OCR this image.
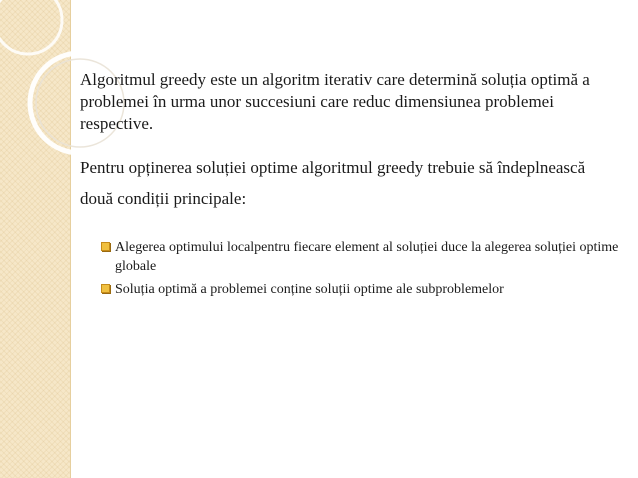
Algoritmul greedy este un algoritm iterativ care determină soluția optimă a problemei în urma unor succesiuni care reduc dimensiunea problemei respective.

Pentru opținerea soluției optime algoritmul greedy trebuie să îndeplnească două condiții principale:

Alegerea optimului localpentru fiecare element al soluției duce la alegerea soluției optime globale
Soluția optimă a problemei conține soluții optime ale subproblemelor
